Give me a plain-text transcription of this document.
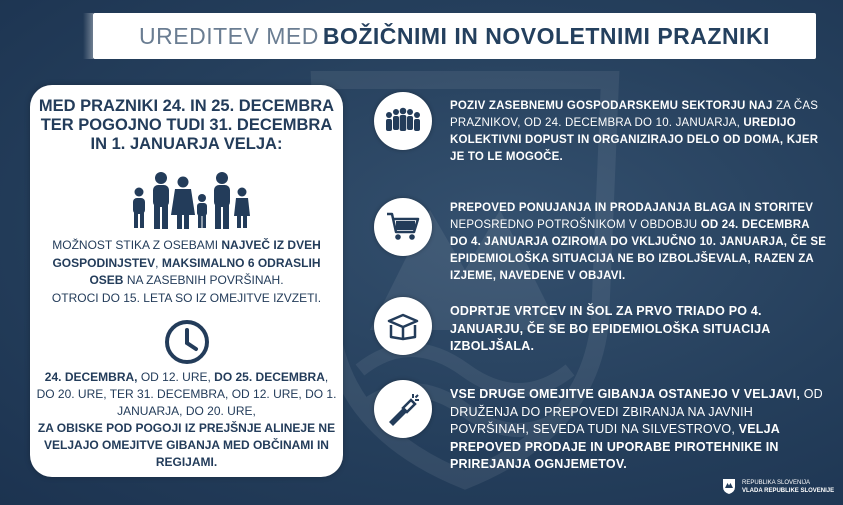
UREDITEV MED BOŽIČNIMI IN NOVOLETNIMI PRAZNIKI
MED PRAZNIKI 24. IN 25. DECEMBRA
TER POGOJNO TUDI 31. DECEMBRA
IN 1. JANUARJA VELJA:
MOŽNOST STIKA Z OSEBAMI NAJVEČ IZ DVEH GOSPODINJSTEV, MAKSIMALNO 6 ODRASLIH OSEB NA ZASEBNIH POVRŠINAH.
OTROCI DO 15. LETA SO IZ OMEJITVE IZVZETI.
24. DECEMBRA, OD 12. URE, DO 25. DECEMBRA, DO 20. URE, TER 31. DECEMBRA, OD 12. URE, DO 1. JANUARJA, DO 20. URE,
ZA OBISKE POD POGOJI IZ PREJŠNJE ALINEJE NE VELJAJO OMEJITVE GIBANJA MED OBČINAMI IN REGIJAMI.
POZIV ZASEBNEMU GOSPODARSKEMU SEKTORJU NAJ ZA ČAS PRAZNIKOV, OD 24. DECEMBRA DO 10. JANUARJA, UREDIJO KOLEKTIVNI DOPUST IN ORGANIZIRAJO DELO OD DOMA, KJER JE TO LE MOGOČE.
PREPOVED PONUJANJA IN PRODAJANJA BLAGA IN STORITEV NEPOSREDNO POTROŠNIKOM V OBDOBJU OD 24. DECEMBRA DO 4. JANUARJA OZIROMA DO VKLJUČNO 10. JANUARJA, ČE SE EPIDEMIOLOŠKA SITUACIJA NE BO IZBOLJŠEVALA, RAZEN ZA IZJEME, NAVEDENE V OBJAVI.
ODPRTJE VRTCEV IN ŠOL ZA PRVO TRIADO PO 4. JANUARJU, ČE SE BO EPIDEMIOLOŠKA SITUACIJA IZBOLJŠALA.
VSE DRUGE OMEJITVE GIBANJA OSTANEJO V VELJAVI, OD DRUŽENJA DO PREPOVEDI ZBIRANJA NA JAVNIH POVRŠINAH, SEVEDA TUDI NA SILVESTROVO, VELJA PREPOVED PRODAJE IN UPORABE PIROTEHNIKE IN PRIREJANJA OGNJEMETOV.
REPUBLIKA SLOVENIJA
VLADA REPUBLIKE SLOVENIJE
